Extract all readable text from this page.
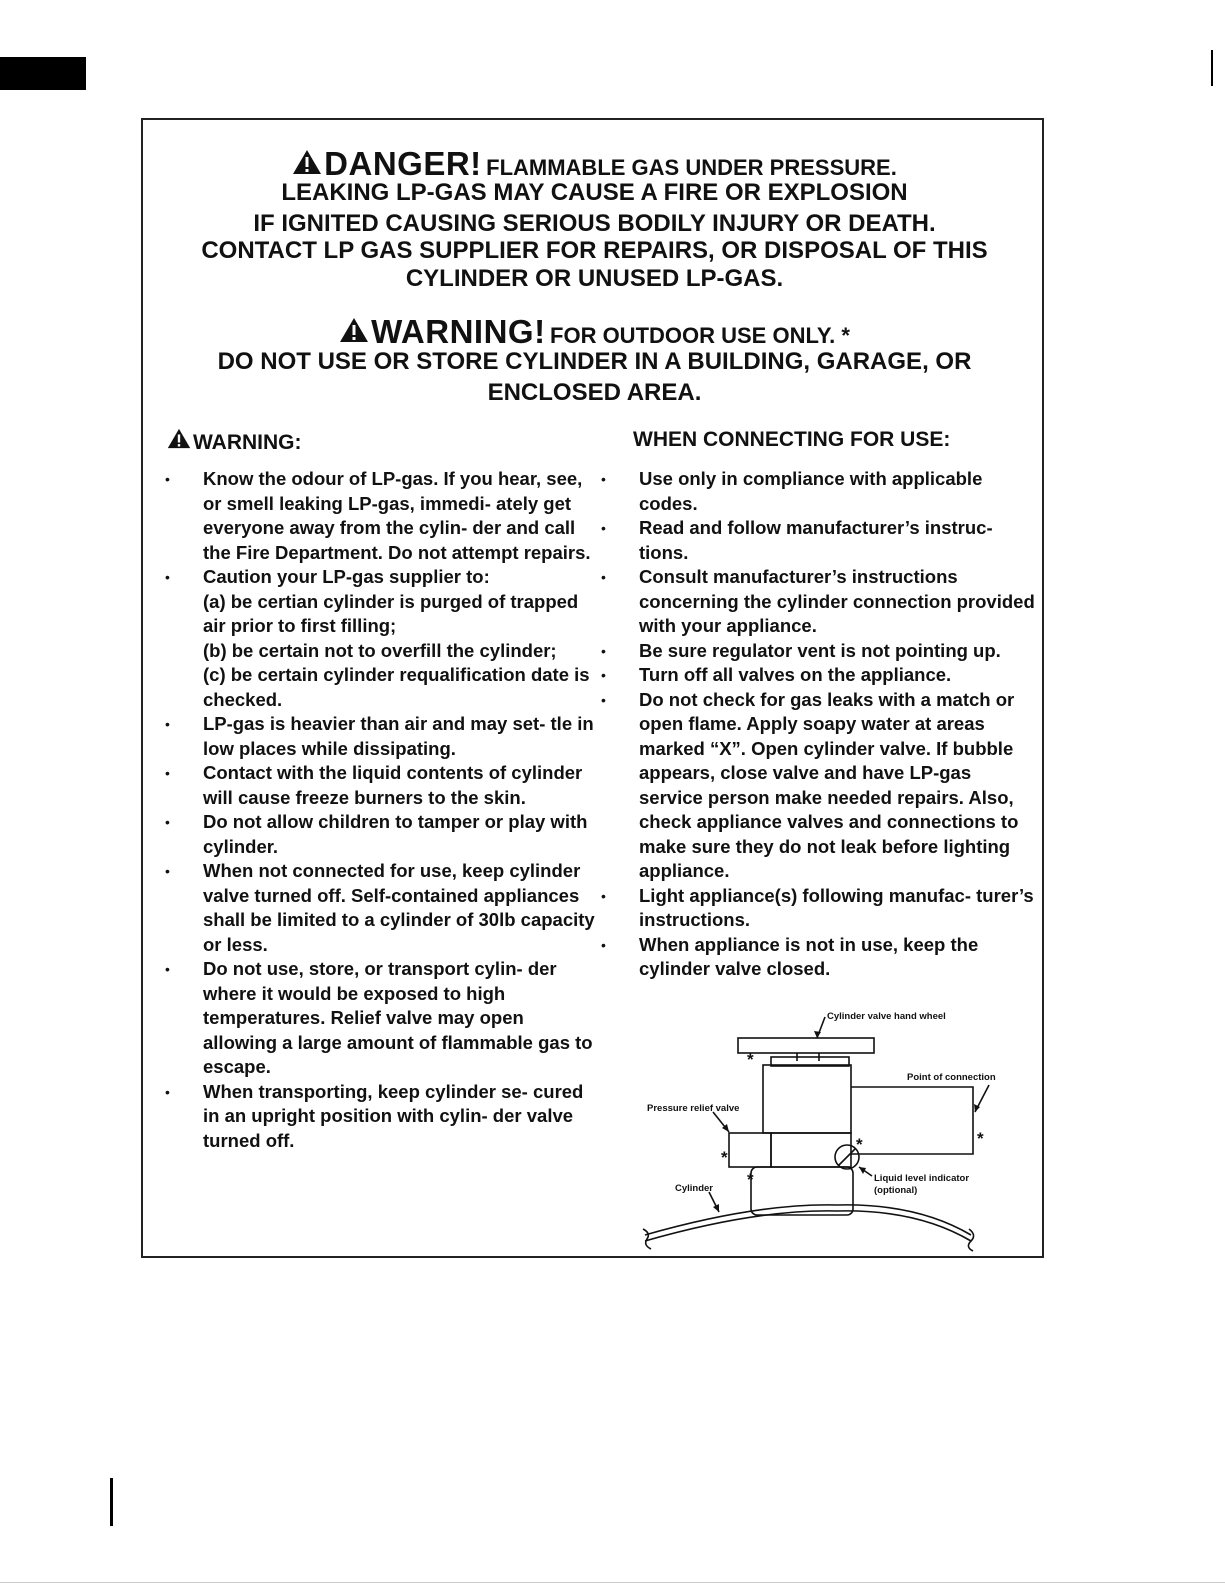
DANGER! FLAMMABLE GAS UNDER PRESSURE.
LEAKING LP-GAS MAY CAUSE A FIRE OR EXPLOSION
IF IGNITED CAUSING SERIOUS BODILY INJURY OR DEATH.
CONTACT LP GAS SUPPLIER FOR REPAIRS, OR DISPOSAL OF THIS
CYLINDER OR UNUSED LP-GAS.
WARNING! FOR OUTDOOR USE ONLY. *
DO NOT USE OR STORE CYLINDER IN A BUILDING, GARAGE, OR
ENCLOSED AREA.
WARNING:	WHEN CONNECTING FOR USE:
• Know the odour of LP-gas. If you hear, see, or smell leaking LP-gas, immedi- ately get everyone away from the cylin- der and call the Fire Department. Do not attempt repairs.
• Caution your LP-gas supplier to:
(a) be certian cylinder is purged of trapped air prior to first filling;
(b) be certain not to overfill the cylinder;
(c) be certain cylinder requalification date is checked.
• LP-gas is heavier than air and may set- tle in low places while dissipating.
• Contact with the liquid contents of cylinder will cause freeze burners to the skin.
• Do not allow children to tamper or play with cylinder.
• When not connected for use, keep cylinder valve turned off. Self-contained appliances shall be limited to a cylinder of 30lb capacity or less.
• Do not use, store, or transport cylin- der where it would be exposed to high temperatures. Relief valve may open allowing a large amount of flammable gas to escape.
• When transporting, keep cylinder se- cured in an upright position with cylin- der valve turned off.
• Use only in compliance with applicable codes.
• Read and follow manufacturer’s instruc- tions.
• Consult manufacturer’s instructions concerning the cylinder connection provided with your appliance.
• Be sure regulator vent is not pointing up.
• Turn off all valves on the appliance.
• Do not check for gas leaks with a match or open flame. Apply soapy water at areas marked “X”. Open cylinder valve. If bubble appears, close valve and have LP-gas service person make needed repairs. Also, check appliance valves and connections to make sure they do not leak before lighting appliance.
• Light appliance(s) following manufac- turer’s instructions.
• When appliance is not in use, keep the cylinder valve closed.
*
*
*
*	*
Cylinder valve hand wheel
Point of connection
Pressure relief valve
Liquid level indicator
(optional)
Cylinder
